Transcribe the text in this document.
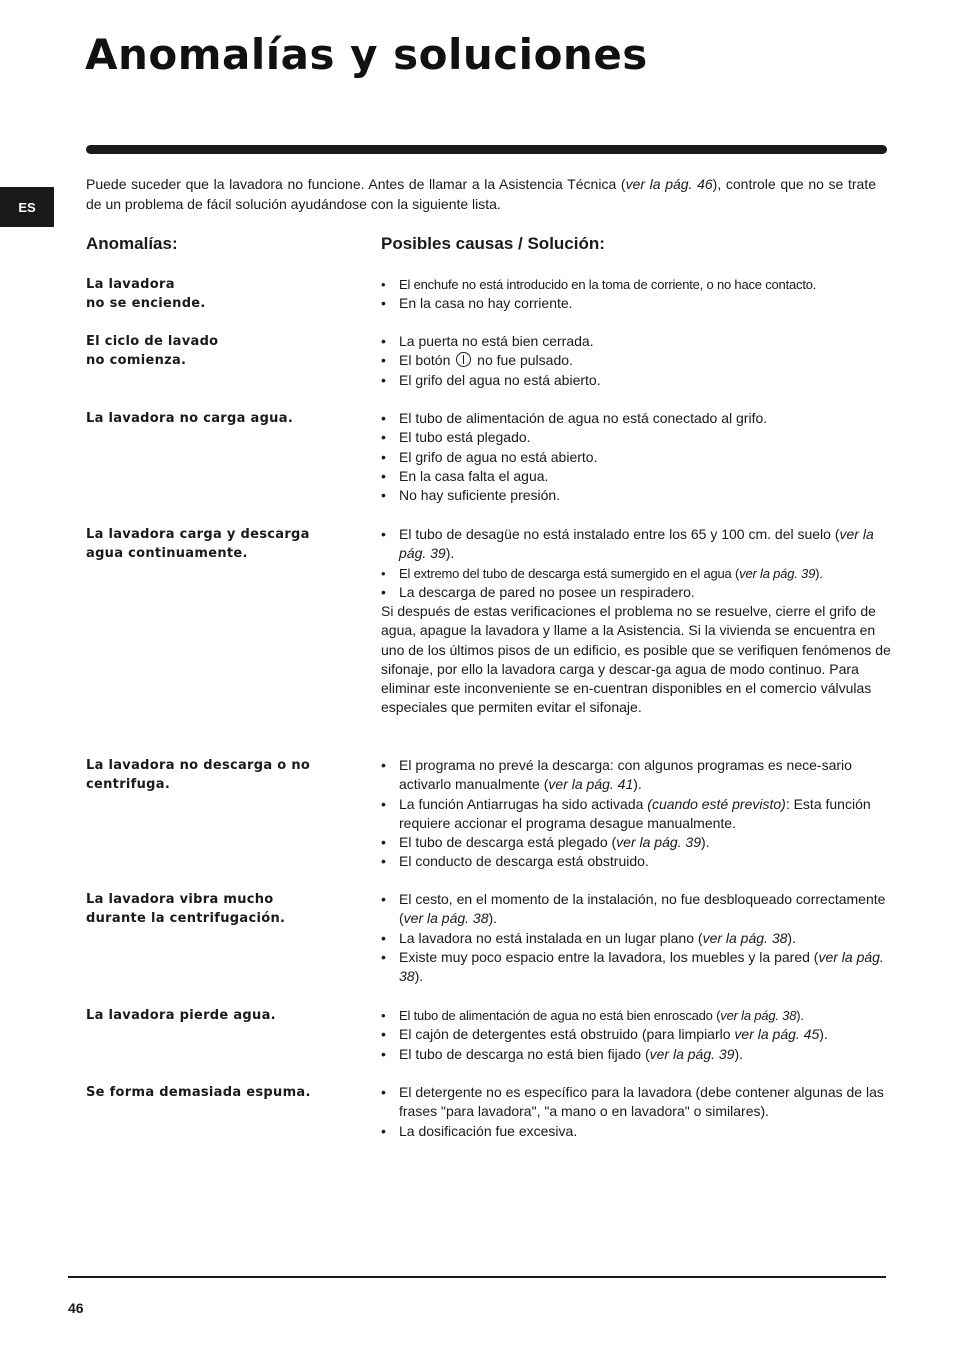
Anomalías y soluciones
ES

Puede suceder que la lavadora no funcione. Antes de llamar a la Asistencia Técnica (ver la pág. 46), controle que no se trate de un problema de fácil solución ayudándose con la siguiente lista.

Anomalías:	Posibles causas / Solución:
La lavadora
no se enciende.
• El enchufe no está introducido en la toma de corriente, o no hace contacto.
• En la casa no hay corriente.
El ciclo de lavado
no comienza.
• La puerta no está bien cerrada.
• El botón no fue pulsado.
• El grifo del agua no está abierto.
La lavadora no carga agua.	• El tubo de alimentación de agua no está conectado al grifo.
• El tubo está plegado.
• El grifo de agua no está abierto.
• En la casa falta el agua.
• No hay suficiente presión.
La lavadora carga y descarga
agua continuamente.
• El tubo de desagüe no está instalado entre los 65 y 100 cm. del suelo (ver la pág. 39).
• El extremo del tubo de descarga está sumergido en el agua (ver la pág. 39).
• La descarga de pared no posee un respiradero.

Si después de estas verificaciones el problema no se resuelve, cierre el grifo de agua, apague la lavadora y llame a la Asistencia. Si la vivienda se encuentra en uno de los últimos pisos de un edificio, es posible que se verifiquen fenómenos de sifonaje, por ello la lavadora carga y descar-ga agua de modo continuo. Para eliminar este inconveniente se en-cuentran disponibles en el comercio válvulas especiales que permiten evitar el sifonaje.

La lavadora no descarga o no
centrifuga.
• El programa no prevé la descarga: con algunos programas es nece-sario activarlo manualmente (ver la pág. 41).
• La función Antiarrugas ha sido activada (cuando esté previsto): Esta función requiere accionar el programa desague manualmente.
• El tubo de descarga está plegado (ver la pág. 39).
• El conducto de descarga está obstruido.
La lavadora vibra mucho
durante la centrifugación.
• El cesto, en el momento de la instalación, no fue desbloqueado correctamente (ver la pág. 38).
• La lavadora no está instalada en un lugar plano (ver la pág. 38).
• Existe muy poco espacio entre la lavadora, los muebles y la pared (ver la pág. 38).
La lavadora pierde agua.	• El tubo de alimentación de agua no está bien enroscado (ver la pág. 38).
• El cajón de detergentes está obstruido (para limpiarlo ver la pág. 45).
• El tubo de descarga no está bien fijado (ver la pág. 39).
Se forma demasiada espuma.	• El detergente no es específico para la lavadora (debe contener algunas de las frases "para lavadora", "a mano o en lavadora" o similares).
• La dosificación fue excesiva.
46
